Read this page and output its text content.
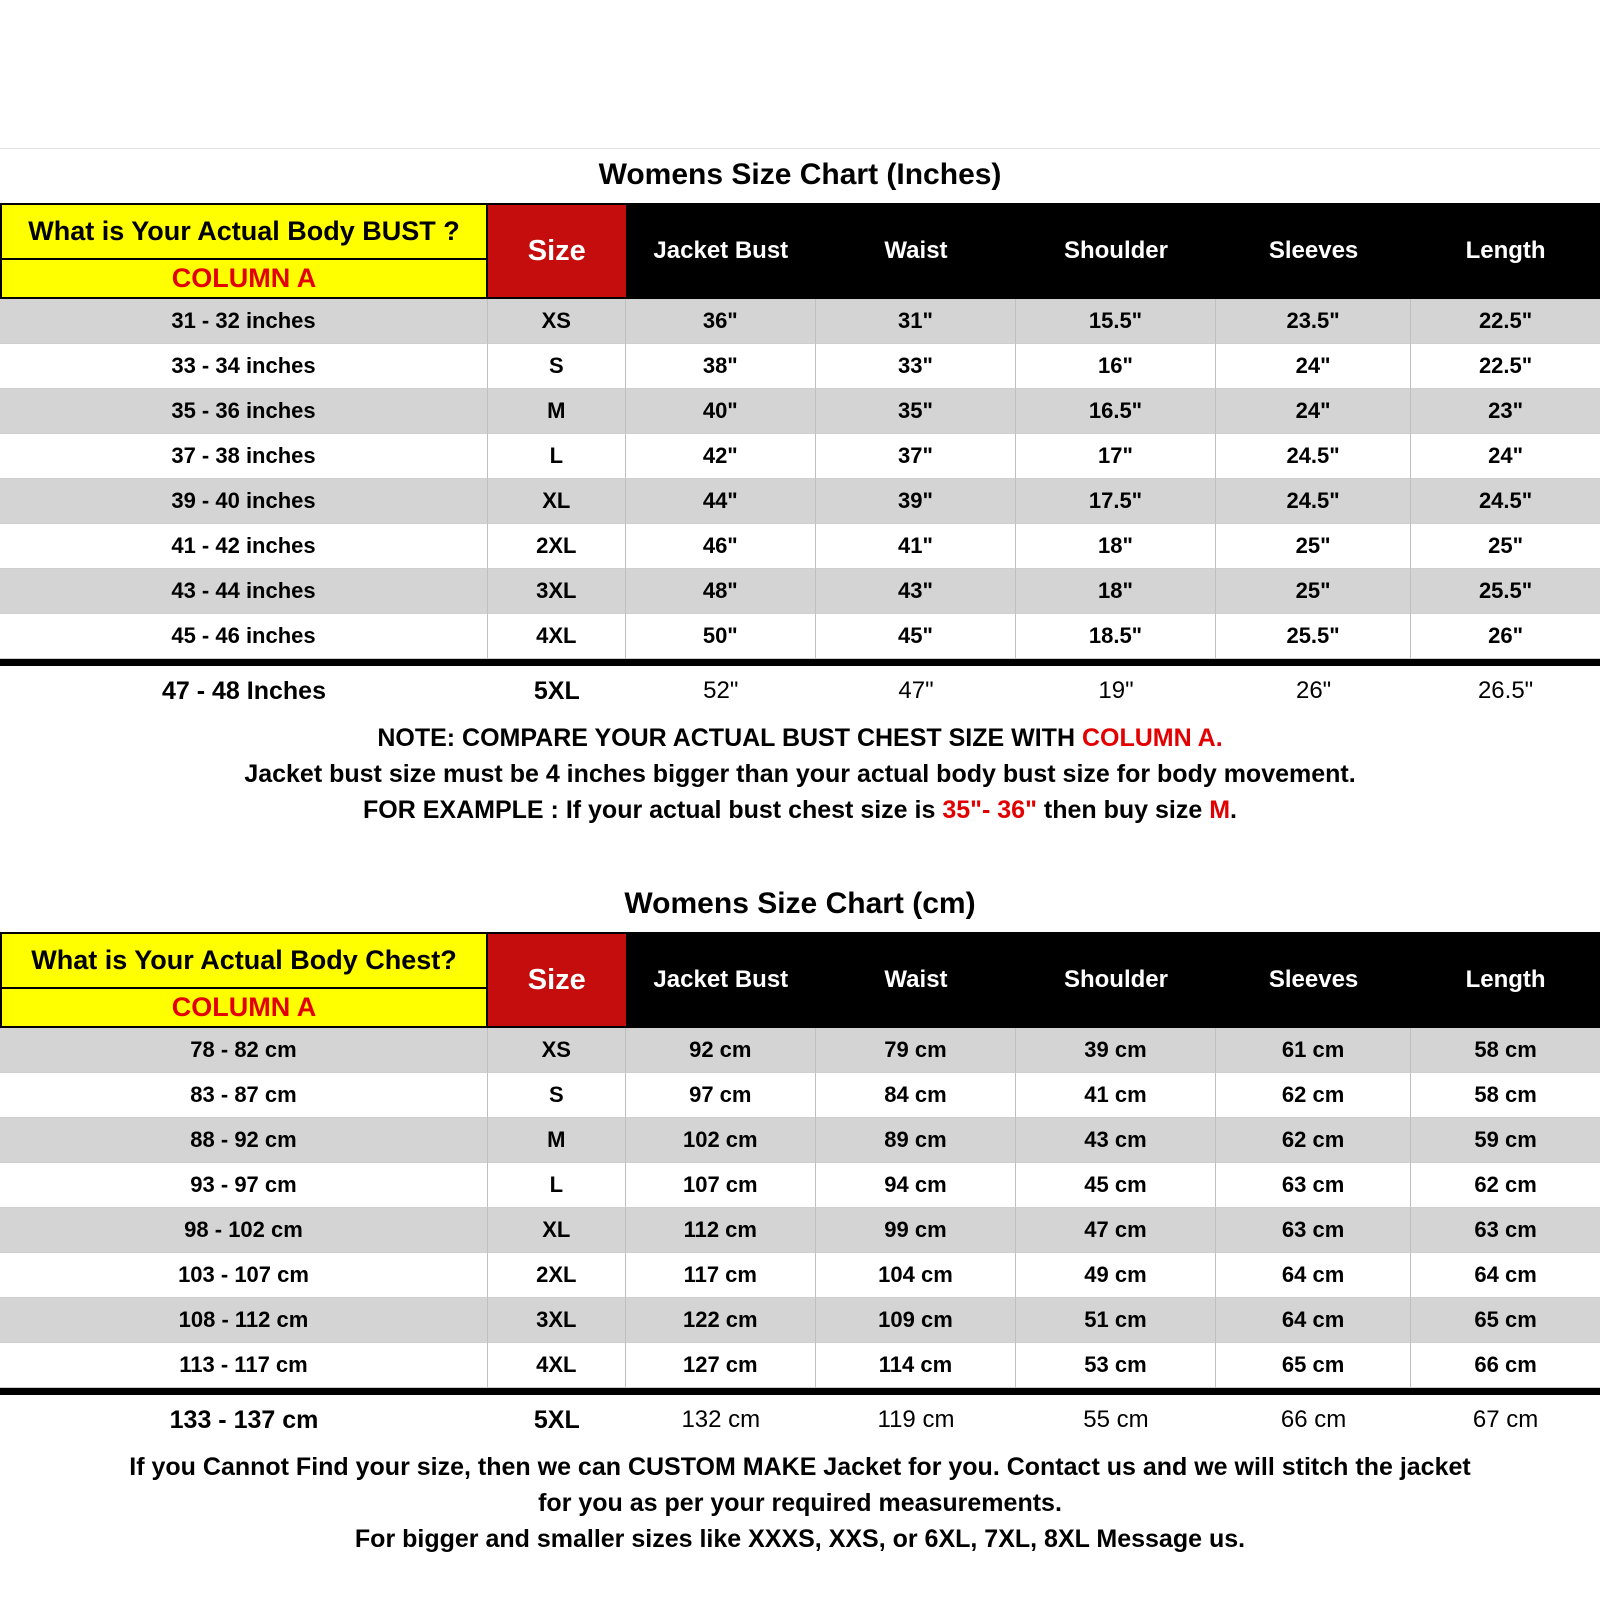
Womens Size Chart (Inches)
What is Your Actual Body BUST ?
COLUMN A
Size	Jacket Bust	Waist	Shoulder	Sleeves	Length
31 - 32 inches	XS	36"	31"	15.5"	23.5"	22.5"
33 - 34 inches	S	38"	33"	16"	24"	22.5"
35 - 36 inches	M	40"	35"	16.5"	24"	23"
37 - 38 inches	L	42"	37"	17"	24.5"	24"
39 - 40 inches	XL	44"	39"	17.5"	24.5"	24.5"
41 - 42 inches	2XL	46"	41"	18"	25"	25"
43 - 44 inches	3XL	48"	43"	18"	25"	25.5"
45 - 46 inches	4XL	50"	45"	18.5"	25.5"	26"
47 - 48 Inches	5XL	52"	47"	19"	26"	26.5"
NOTE: COMPARE YOUR ACTUAL BUST CHEST SIZE WITH COLUMN A.
Jacket bust size must be 4 inches bigger than your actual body bust size for body movement.
FOR EXAMPLE : If your actual bust chest size is 35"- 36" then buy size M.
Womens Size Chart (cm)
What is Your Actual Body Chest?
COLUMN A
Size	Jacket Bust	Waist	Shoulder	Sleeves	Length
78 - 82 cm	XS	92 cm	79 cm	39 cm	61 cm	58 cm
83 - 87 cm	S	97 cm	84 cm	41 cm	62 cm	58 cm
88 - 92 cm	M	102 cm	89 cm	43 cm	62 cm	59 cm
93 - 97 cm	L	107 cm	94 cm	45 cm	63 cm	62 cm
98 - 102 cm	XL	112 cm	99 cm	47 cm	63 cm	63 cm
103 - 107 cm	2XL	117 cm	104 cm	49 cm	64 cm	64 cm
108 - 112 cm	3XL	122 cm	109 cm	51 cm	64 cm	65 cm
113 - 117 cm	4XL	127 cm	114 cm	53 cm	65 cm	66 cm
133 - 137 cm	5XL	132 cm	119 cm	55 cm	66 cm	67 cm
If you Cannot Find your size, then we can CUSTOM MAKE Jacket for you. Contact us and we will stitch the jacket
for you as per your required measurements.
For bigger and smaller sizes like XXXS, XXS, or 6XL, 7XL, 8XL Message us.
